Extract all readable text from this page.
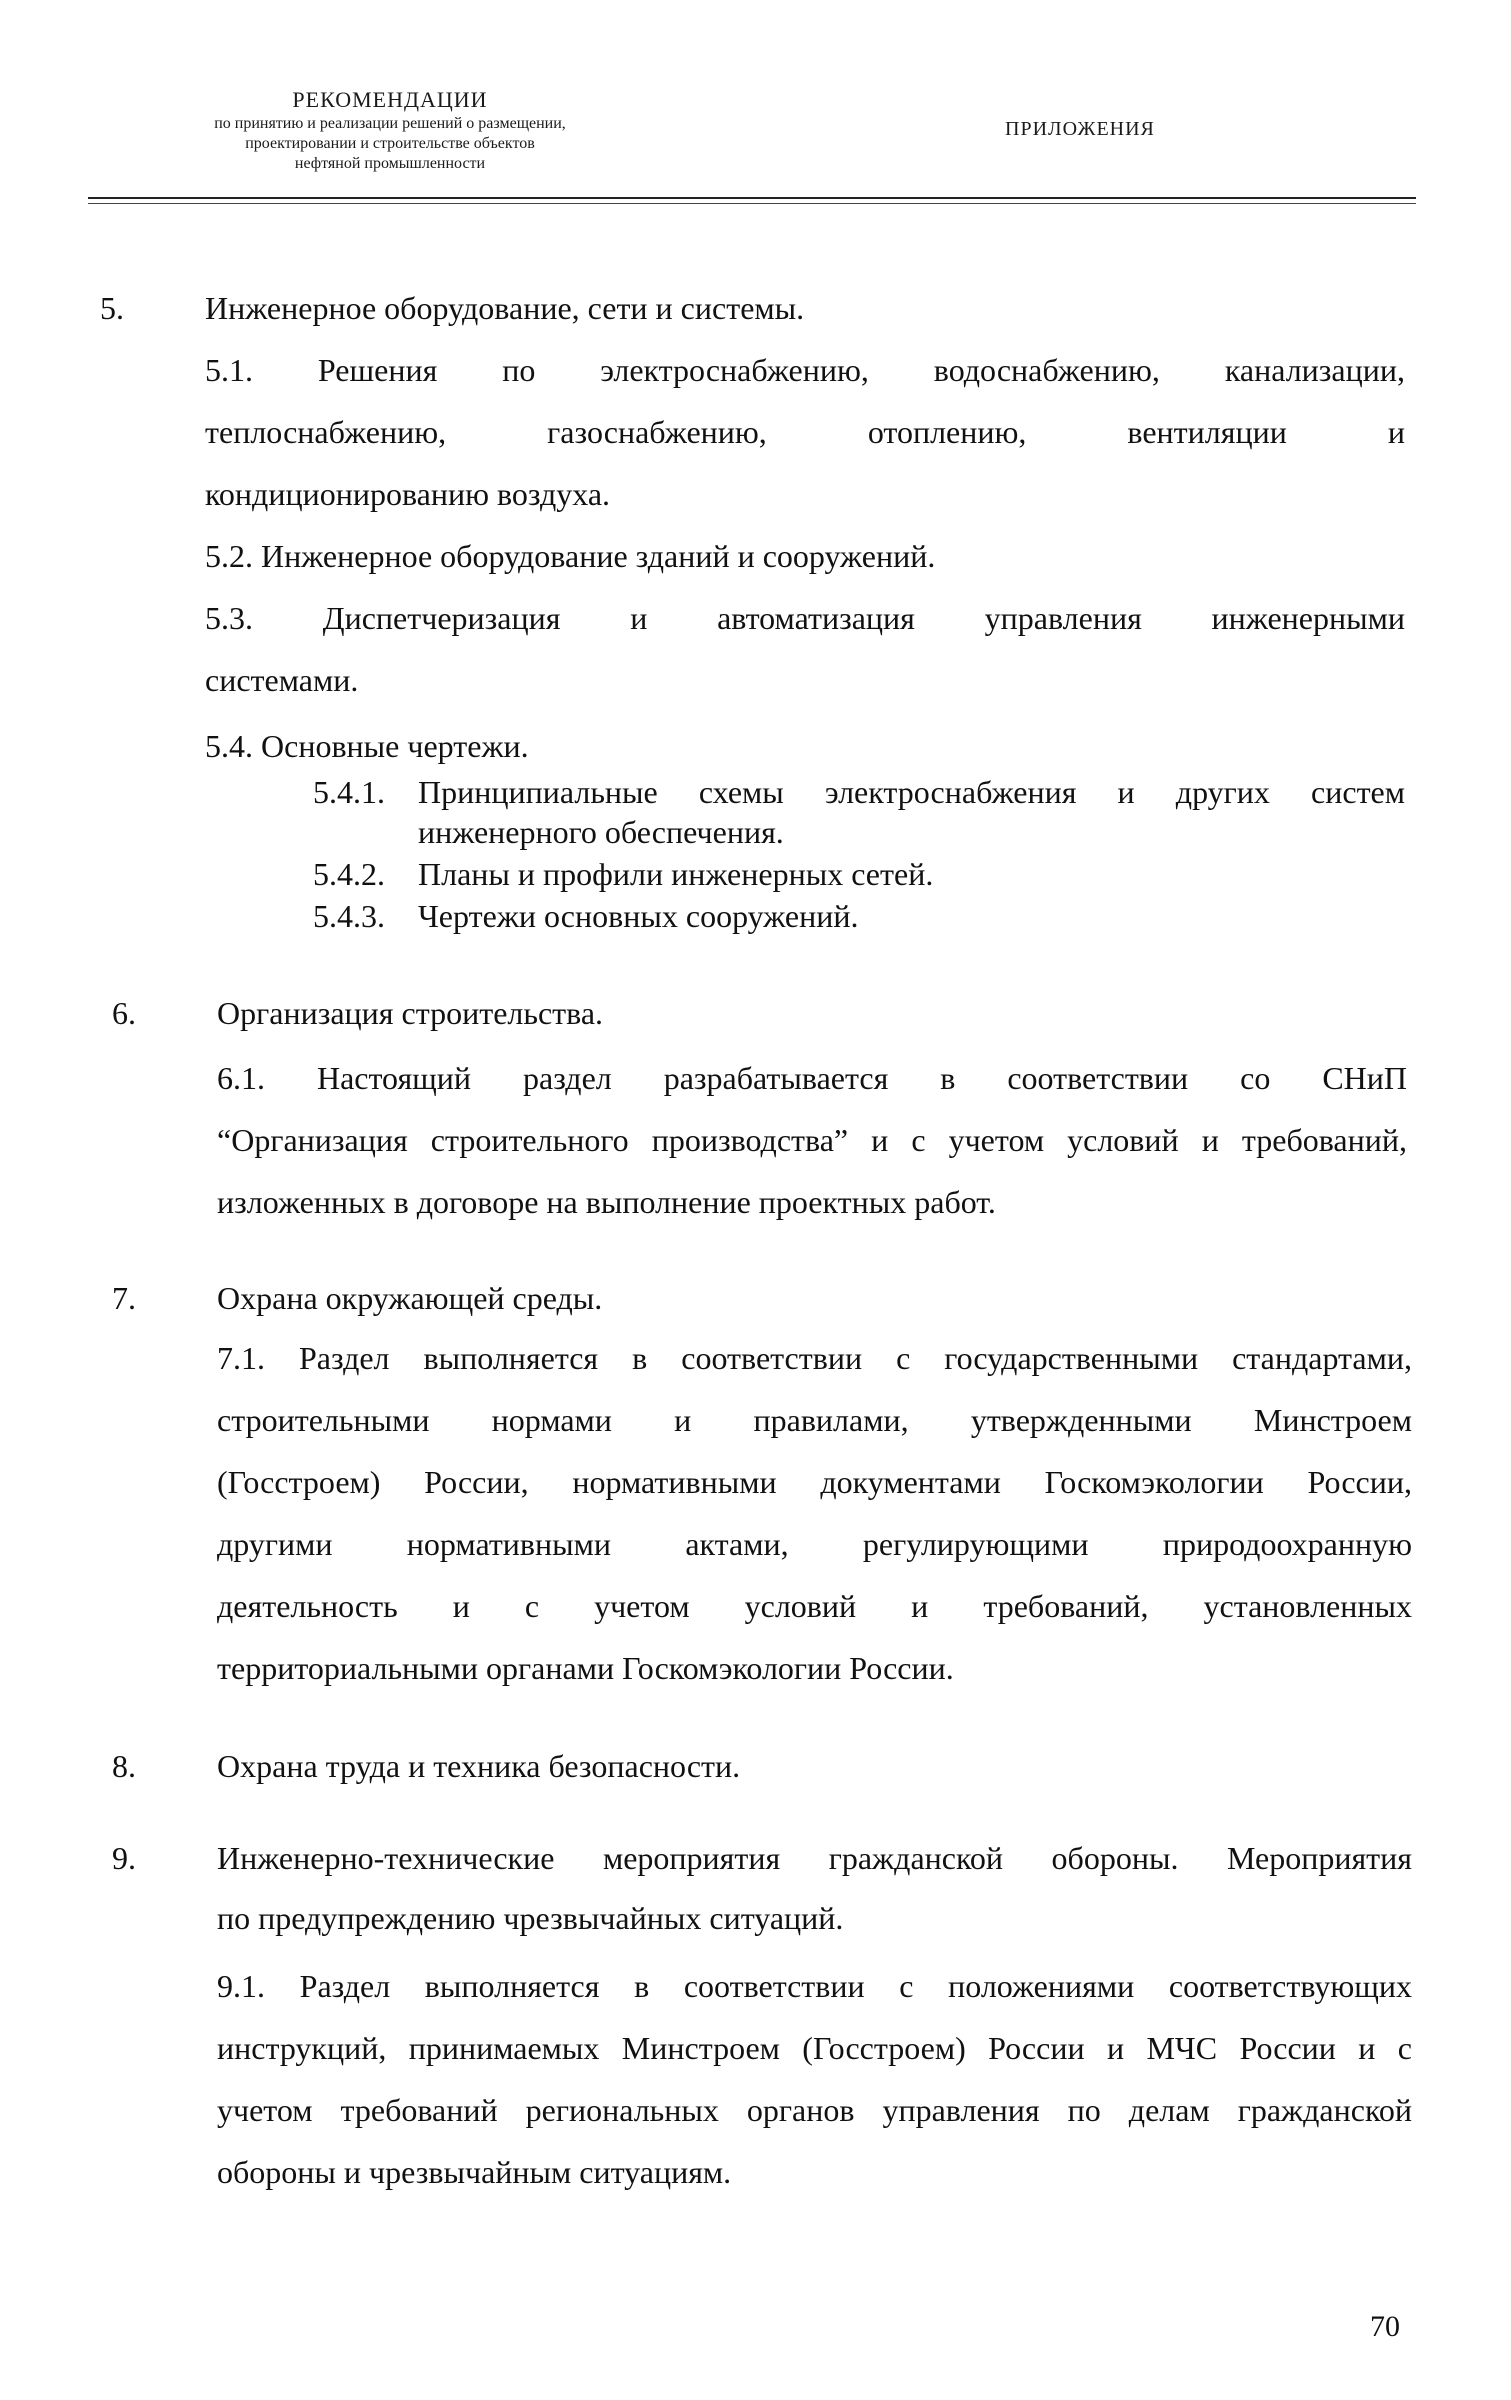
РЕКОМЕНДАЦИИ
по принятию и реализации решений о размещении,
проектировании и строительстве объектов
нефтяной промышленности
ПРИЛОЖЕНИЯ
5.	Инженерное оборудование, сети и системы.
5.1. Решения по электроснабжению, водоснабжению, канализации,
теплоснабжению, газоснабжению, отоплению, вентиляции и
кондиционированию воздуха.
5.2. Инженерное оборудование зданий и сооружений.
5.3. Диспетчеризация и автоматизация управления инженерными
системами.
5.4. Основные чертежи.
5.4.1. Принципиальные схемы электроснабжения и других систем
инженерного обеспечения.
5.4.2. Планы и профили инженерных сетей.
5.4.3. Чертежи основных сооружений.
6.	Организация строительства.
6.1. Настоящий раздел разрабатывается в соответствии со СНиП
“Организация строительного производства” и с учетом условий и требований,
изложенных в договоре на выполнение проектных работ.
7.	Охрана окружающей среды.
7.1. Раздел выполняется в соответствии с государственными стандартами,
строительными нормами и правилами, утвержденными Минстроем
(Госстроем) России, нормативными документами Госкомэкологии России,
другими нормативными актами, регулирующими природоохранную
деятельность и с учетом условий и требований, установленных
территориальными органами Госкомэкологии России.
8.	Охрана труда и техника безопасности.
9.	Инженерно-технические мероприятия гражданской обороны. Мероприятия
по предупреждению чрезвычайных ситуаций.
9.1. Раздел выполняется в соответствии с положениями соответствующих
инструкций, принимаемых Минстроем (Госстроем) России и МЧС России и с
учетом требований региональных органов управления по делам гражданской
обороны и чрезвычайным ситуациям.
70
